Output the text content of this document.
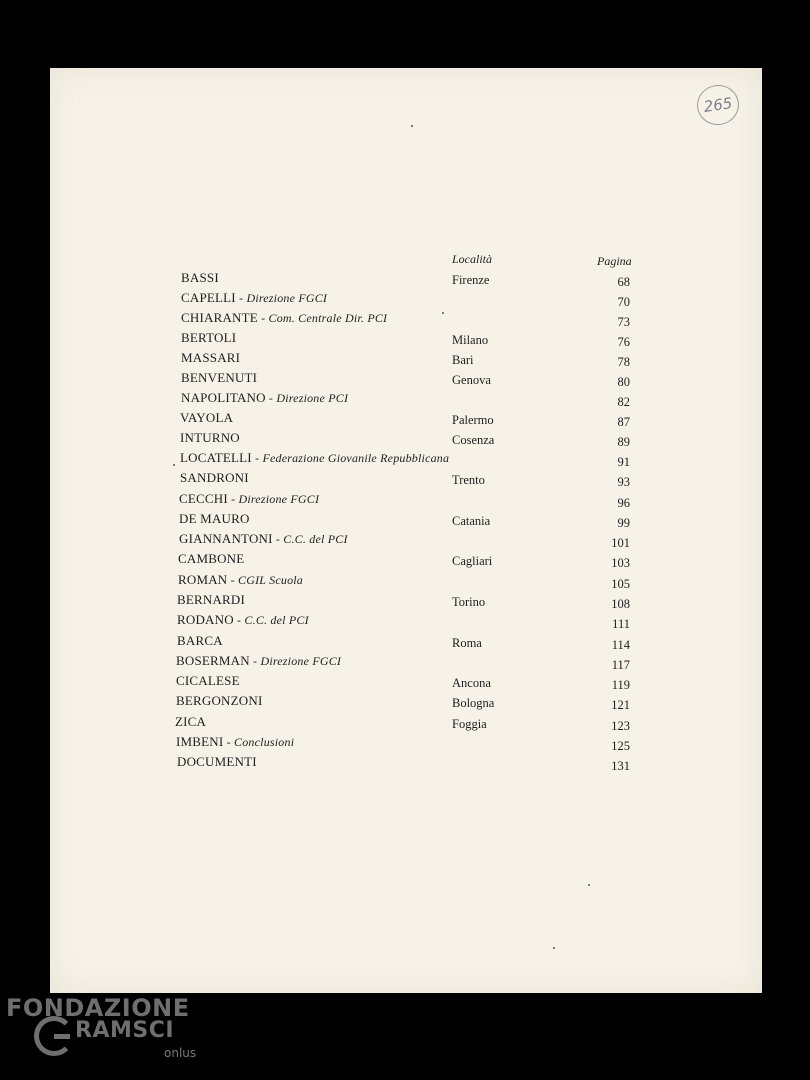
265
Località	Pagina
BASSI	Firenze	68
CAPELLI - Direzione FGCI	70
CHIARANTE - Com. Centrale Dir. PCI	73
BERTOLI	Milano	76
MASSARI	Bari	78
BENVENUTI	Genova	80
NAPOLITANO - Direzione PCI	82
VAYOLA	Palermo	87
INTURNO	Cosenza	89
LOCATELLI - Federazione Giovanile Repubblicana	91
SANDRONI	Trento	93
CECCHI - Direzione FGCI	96
DE MAURO	Catania	99
GIANNANTONI - C.C. del PCI	101
CAMBONE	Cagliari	103
ROMAN - CGIL Scuola	105
BERNARDI	Torino	108
RODANO - C.C. del PCI	111
BARCA	Roma	114
BOSERMAN - Direzione FGCI	117
CICALESE	Ancona	119
BERGONZONI	Bologna	121
ZICA	Foggia	123
IMBENI - Conclusioni	125
DOCUMENTI	131
FONDAZIONE
RAMSCI
onlus
